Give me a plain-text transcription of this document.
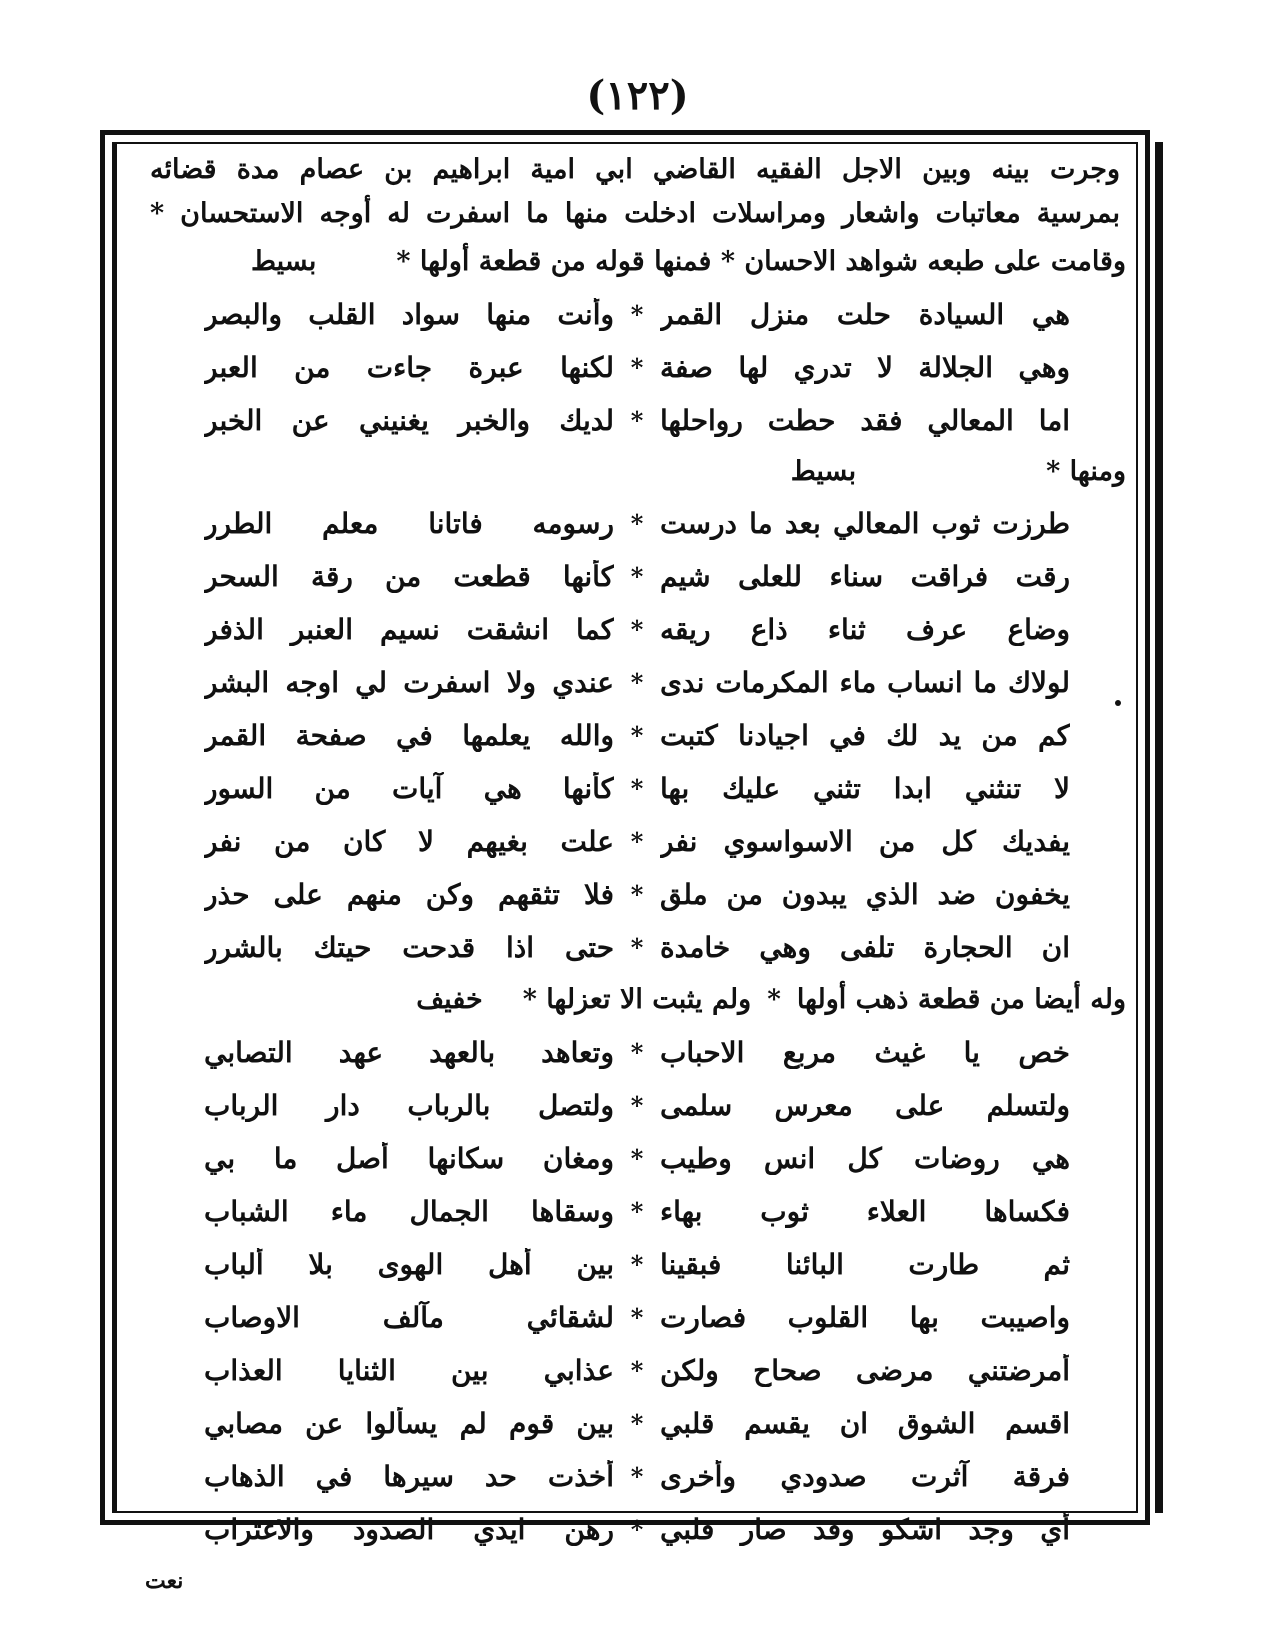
(١٢٢)
وجرت بينه وبين الاجل الفقيه القاضي ابي امية ابراهيم بن عصام مدة قضائه
بمرسية معاتبات واشعار ومراسلات ادخلت منها ما اسفرت له أوجه الاستحسان *
وقامت على طبعه شواهد الاحسان * فمنها قوله من قطعة أولها *
بسيط
هي السيادة حلت منزل القمر
*
وأنت منها سواد القلب والبصر
وهي الجلالة لا تدري لها صفة
*
لكنها عبرة جاءت من العبر
اما المعالي فقد حطت رواحلها
*
لديك والخبر يغنيني عن الخبر
ومنها *
بسيط
طرزت ثوب المعالي بعد ما درست
*
رسومه فاتانا معلم الطرر
رقت فراقت سناء للعلى شيم
*
كأنها قطعت من رقة السحر
وضاع عرف ثناء ذاع ريقه
*
كما انشقت نسيم العنبر الذفر
لولاك ما انساب ماء المكرمات ندى
*
عندي ولا اسفرت لي اوجه البشر
كم من يد لك في اجيادنا كتبت
*
والله يعلمها في صفحة القمر
لا تنثني ابدا تثني عليك بها
*
كأنها هي آيات من السور
يفديك كل من الاسواسوي نفر
*
علت بغيهم لا كان من نفر
يخفون ضد الذي يبدون من ملق
*
فلا تثقهم وكن منهم على حذر
ان الحجارة تلفى وهي خامدة
*
حتى اذا قدحت حيتك بالشرر
وله أيضا من قطعة ذهب أولها
*
ولم يثبت الا تعزلها *
خفيف
خص يا غيث مربع الاحباب
*
وتعاهد بالعهد عهد التصابي
ولتسلم على معرس سلمى
*
ولتصل بالرباب دار الرباب
هي روضات كل انس وطيب
*
ومغان سكانها أصل ما بي
فكساها العلاء ثوب بهاء
*
وسقاها الجمال ماء الشباب
ثم طارت البائنا فبقينا
*
بين أهل الهوى بلا ألباب
واصيبت بها القلوب فصارت
*
لشقائي مآلف الاوصاب
أمرضتني مرضى صحاح ولكن
*
عذابي بين الثنايا العذاب
اقسم الشوق ان يقسم قلبي
*
بين قوم لم يسألوا عن مصابي
فرقة آثرت صدودي وأخرى
*
أخذت حد سيرها في الذهاب
أي وجد اشكو وقد صار قلبي
*
رهن ايدي الصدود والاغتراب
نعت
